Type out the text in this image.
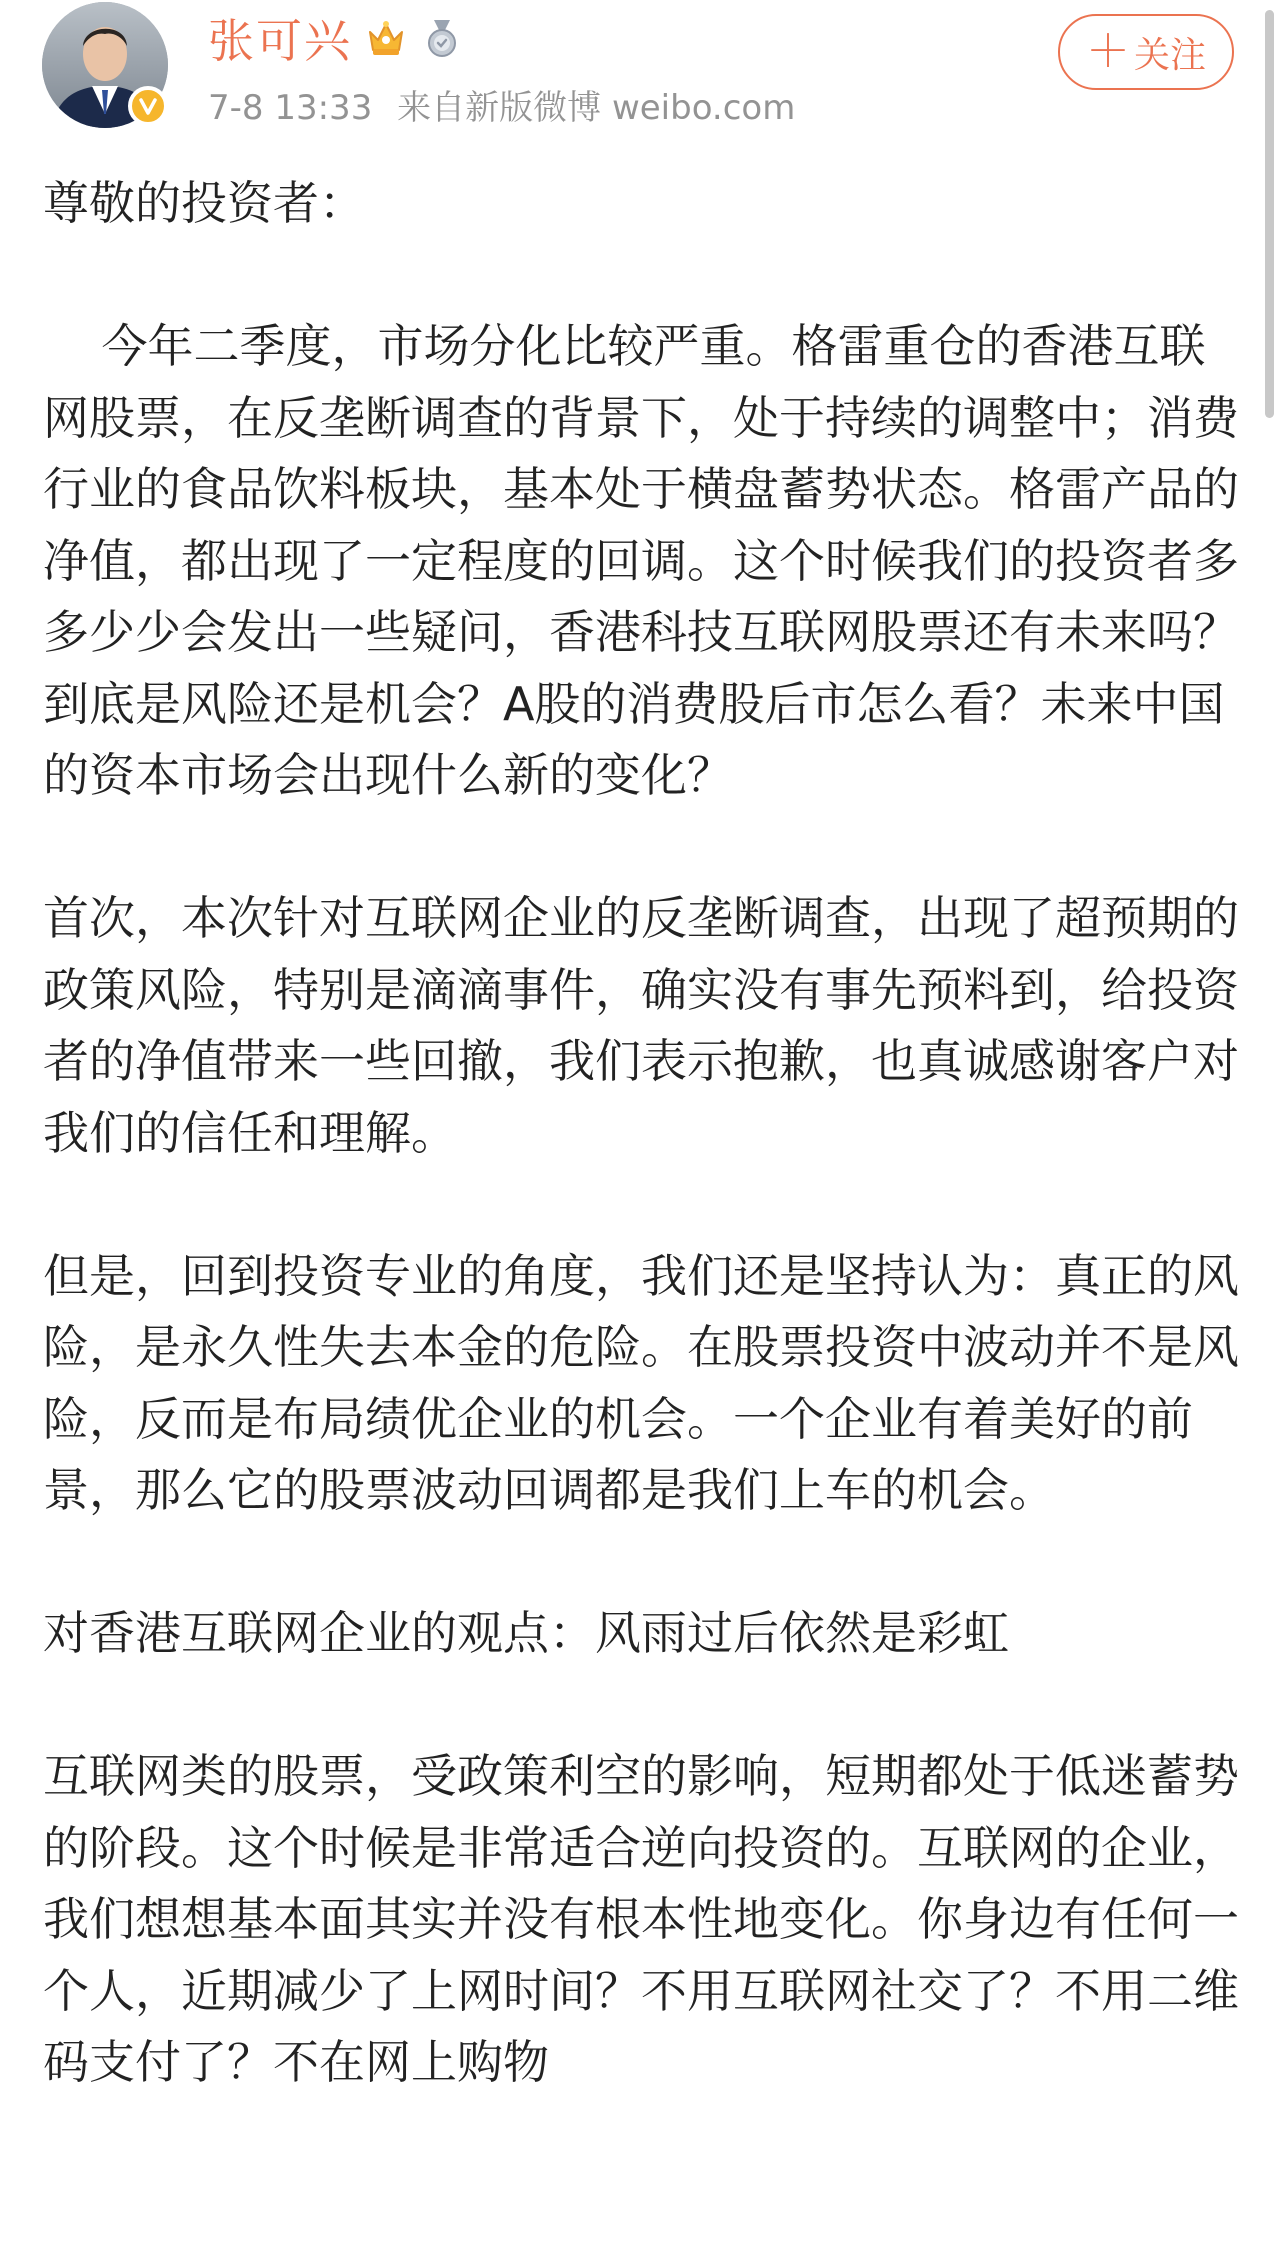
张可兴
7-8 13:33 来自新版微博 weibo.com
＋ 关注

尊敬的投资者：

今年二季度，市场分化比较严重。格雷重仓的香港互联网股票，在反垄断调查的背景下，处于持续的调整中；消费行业的食品饮料板块，基本处于横盘蓄势状态。格雷产品的净值，都出现了一定程度的回调。这个时候我们的投资者多多少少会发出一些疑问，香港科技互联网股票还有未来吗？到底是风险还是机会？A股的消费股后市怎么看？未来中国的资本市场会出现什么新的变化？

首次，本次针对互联网企业的反垄断调查，出现了超预期的政策风险，特别是滴滴事件，确实没有事先预料到，给投资者的净值带来一些回撤，我们表示抱歉，也真诚感谢客户对我们的信任和理解。

但是，回到投资专业的角度，我们还是坚持认为：真正的风险，是永久性失去本金的危险。在股票投资中波动并不是风险，反而是布局绩优企业的机会。一个企业有着美好的前景，那么它的股票波动回调都是我们上车的机会。

对香港互联网企业的观点：风雨过后依然是彩虹

互联网类的股票，受政策利空的影响，短期都处于低迷蓄势的阶段。这个时候是非常适合逆向投资的。互联网的企业，我们想想基本面其实并没有根本性地变化。你身边有任何一个人，近期减少了上网时间？不用互联网社交了？不用二维码支付了？不在网上购物
